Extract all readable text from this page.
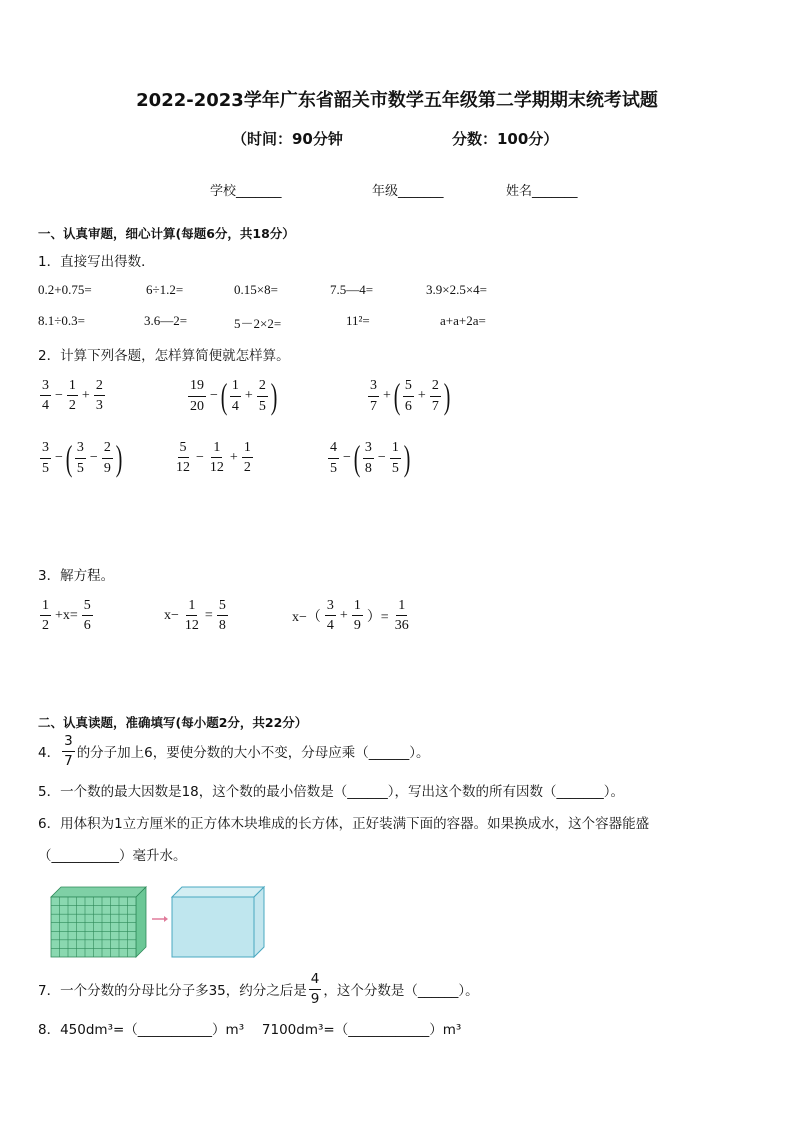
2022-2023学年广东省韶关市数学五年级第二学期期末统考试题
（时间：90分钟	分数：100分）
学校_______	年级_______	姓名_______
一、认真审题，细心计算(每题6分，共18分）
1．直接写出得数．
0.2+0.75=	6÷1.2=	0.15×8=	7.5—4=	3.9×2.5×4=
8.1÷0.3=	3.6—2=	5－2×2=	11²=	a+a+2a=
2．计算下列各题，怎样算简便就怎样算。
$\frac{3}{4} - \frac{1}{2} + \frac{2}{3}$	$\frac{19}{20}$ − ( $\frac{1}{4} + \frac{2}{5}$ )	$\frac{3}{7}$ + ( $\frac{5}{6} + \frac{2}{7}$ )
$\frac{3}{5}$ − ( $\frac{3}{5} - \frac{2}{9}$ )	$\frac{5}{12} - \frac{1}{12} + \frac{1}{2}$	$\frac{4}{5}$ − ( $\frac{3}{8} - \frac{1}{5}$ )
3．解方程。
$\frac{1}{2} +x= \frac{5}{6}$	$x- \frac{1}{12} = \frac{5}{8}$	$x-( \frac{3}{4} + \frac{1}{9}$ ）= $\frac{1}{36}$
二、认真读题，准确填写(每小题2分，共22分）
4． $\frac{3}{7}$ 的分子加上6，要使分数的大小不变，分母应乘（______）。
5．一个数的最大因数是18，这个数的最小倍数是（______），写出这个数的所有因数（_______）。
6．用体积为1立方厘米的正方体木块堆成的长方体，正好装满下面的容器。如果换成水，这个容器能盛
（__________）毫升水。
7．一个分数的分母比分子多35，约分之后是 $\frac{4}{9}$ ，这个分数是（______）。
8．450dm³=（___________）m³　 7100dm³=（____________）m³
